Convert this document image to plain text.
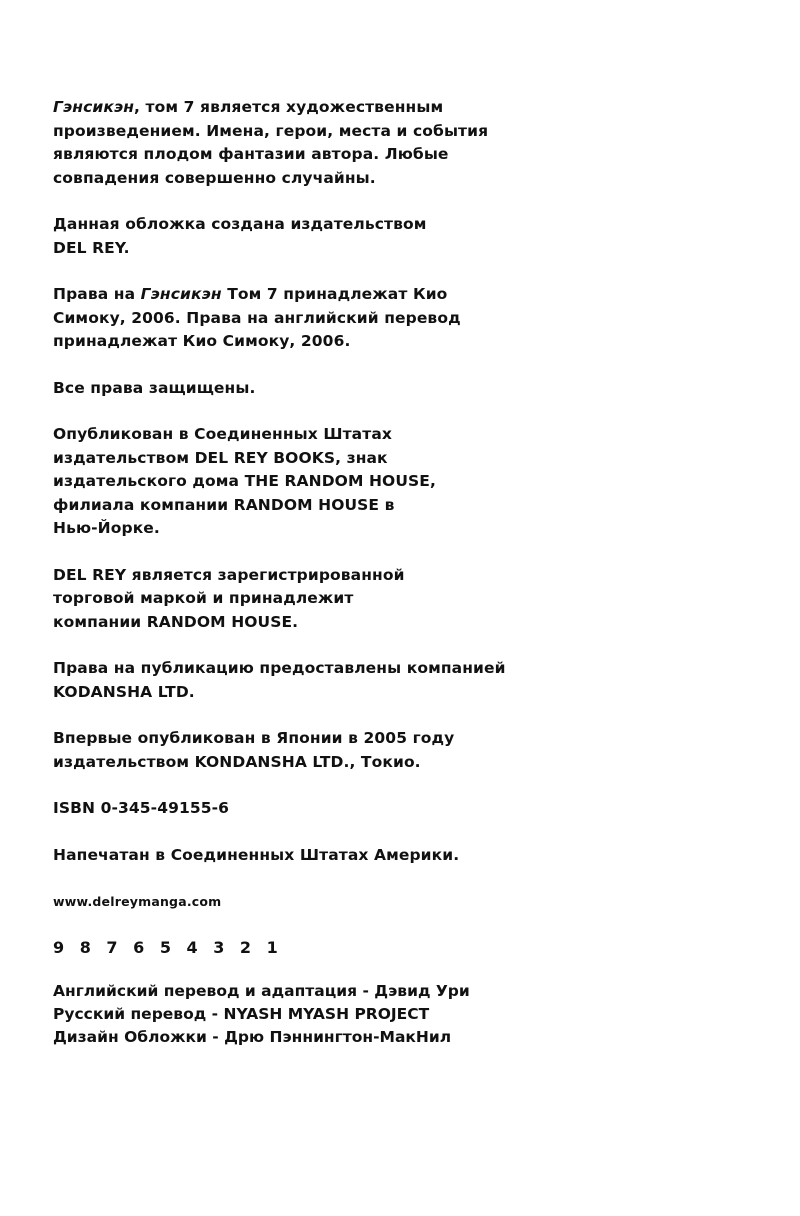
Гэнсикэн, том 7 является художественным
произведением. Имена, герои, места и события
являются плодом фантазии автора. Любые
совпадения совершенно случайны.

Данная обложка создана издательством
DEL REY.

Права на Гэнсикэн Том 7 принадлежат Кио
Симоку, 2006. Права на английский перевод
принадлежат Кио Симоку, 2006.

Все права защищены.

Опубликован в Соединенных Штатах
издательством DEL REY BOOKS, знак
издательского дома THE RANDOM HOUSE,
филиала компании RANDOM HOUSE в
Нью-Йорке.

DEL REY является зарегистрированной
торговой маркой и принадлежит
компании RANDOM HOUSE.

Права на публикацию предоставлены компанией
KODANSHA LTD.

Впервые опубликован в Японии в 2005 году
издательством KONDANSHA LTD., Токио.

ISBN 0-345-49155-6

Напечатан в Соединенных Штатах Америки.

www.delreymanga.com

9 8 7 6 5 4 3 2 1

Английский перевод и адаптация - Дэвид Ури
Русский перевод - NYASH MYASH PROJECT
Дизайн Обложки - Дрю Пэннингтон-МакНил
